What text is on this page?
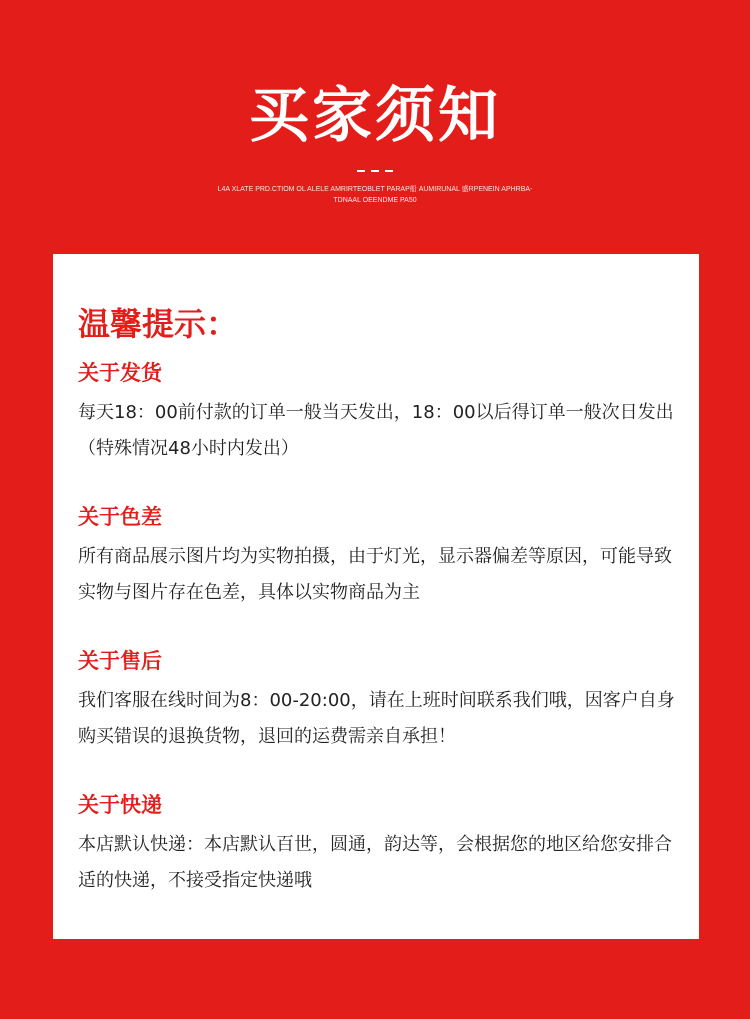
买家须知
L4A XLATE PRD.CTIOM OL ALELE AMRIRTEOBLET PARAP船 AUMIRUNAL 盛RPENEIN APHRBA- TDNAAL OEENDME PA50
温馨提示：
关于发货
每天18：00前付款的订单一般当天发出，18：00以后得订单一般次日发出（特殊情况48小时内发出）
关于色差
所有商品展示图片均为实物拍摄，由于灯光，显示器偏差等原因，可能导致实物与图片存在色差，具体以实物商品为主
关于售后
我们客服在线时间为8：00-20:00，请在上班时间联系我们哦，因客户自身购买错误的退换货物，退回的运费需亲自承担！
关于快递
本店默认快递：本店默认百世，圆通，韵达等，会根据您的地区给您安排合适的快递，不接受指定快递哦
